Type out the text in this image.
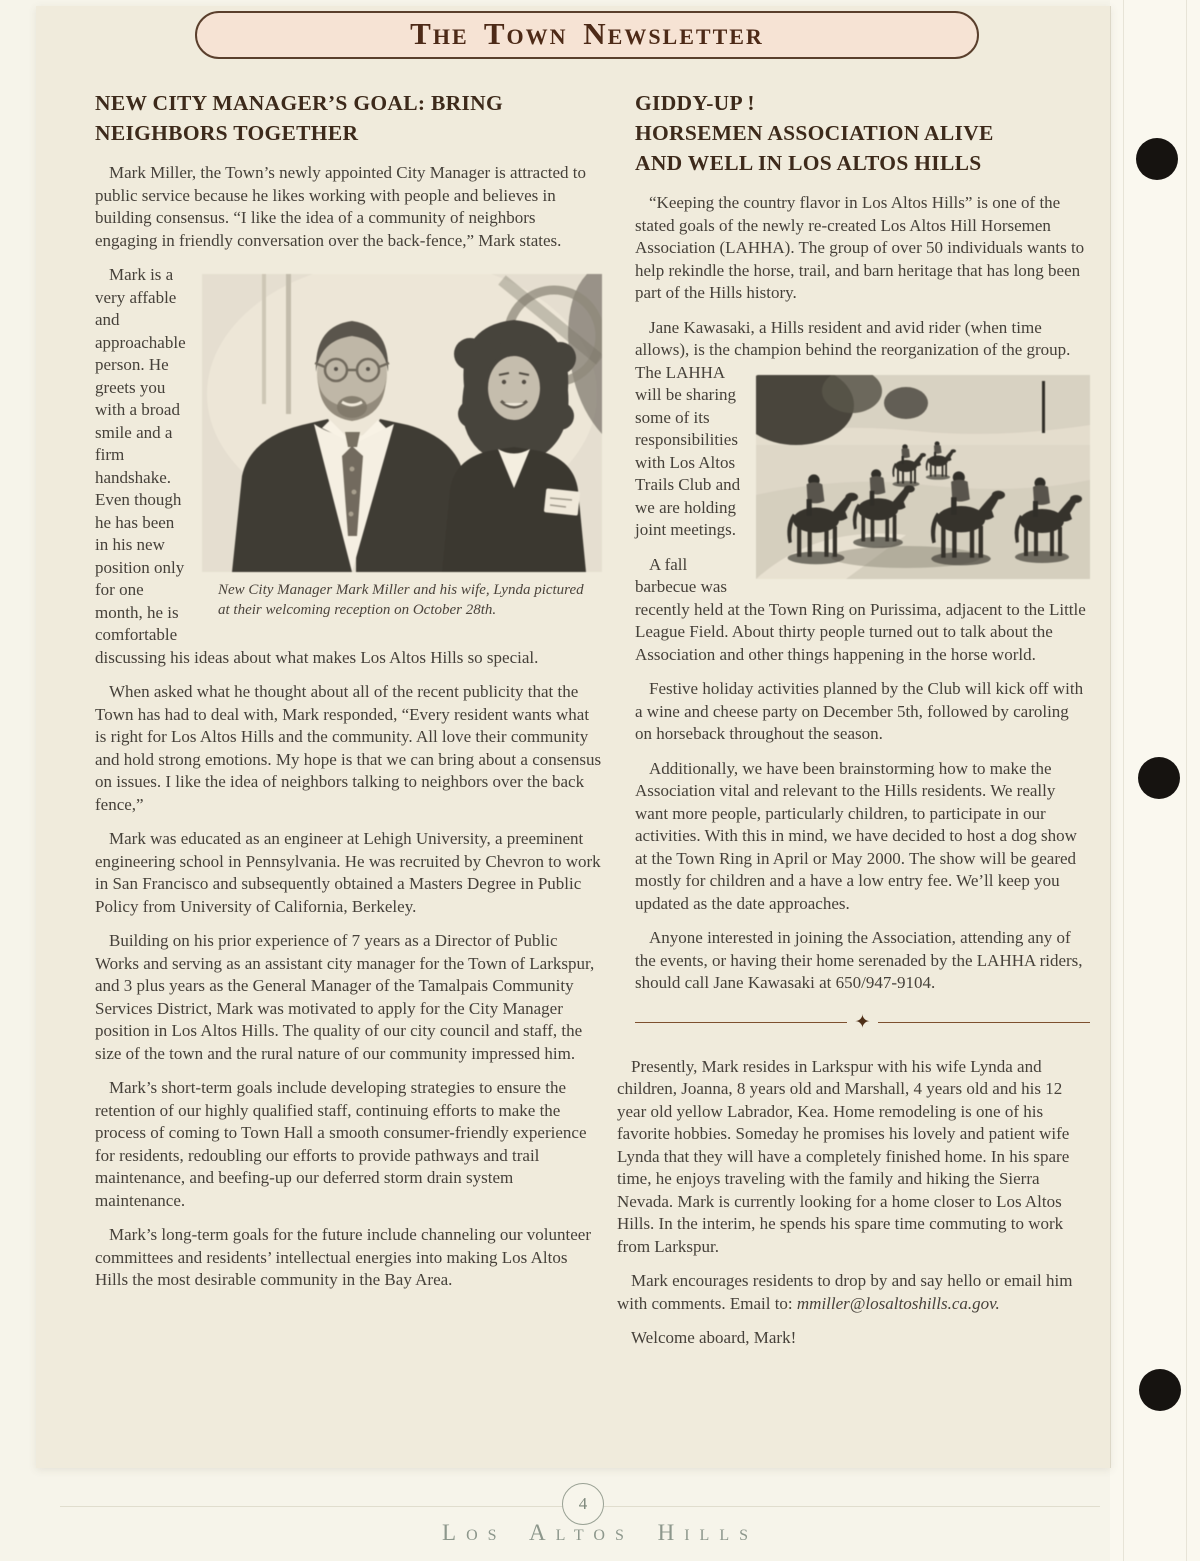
The Town Newsletter
NEW CITY MANAGER’S GOAL: BRING
NEIGHBORS TOGETHER
New City Manager Mark Miller and his wife, Lynda pictured at their welcoming reception on October 28th.

Mark Miller, the Town’s newly appointed City Manager is attracted to public service because he likes working with people and believes in building consensus. “I like the idea of a community of neighbors engaging in friendly conversation over the back-fence,” Mark states.

Mark is a very affable and approachable person. He greets you with a broad smile and a firm handshake. Even though he has been in his new position only for one month, he is comfortable discussing his ideas about what makes Los Altos Hills so special.

When asked what he thought about all of the recent publicity that the Town has had to deal with, Mark responded, “Every resident wants what is right for Los Altos Hills and the community. All love their community and hold strong emotions. My hope is that we can bring about a consensus on issues. I like the idea of neighbors talking to neighbors over the back fence,”

Mark was educated as an engineer at Lehigh University, a preeminent engineering school in Pennsylvania. He was recruited by Chevron to work in San Francisco and subsequently obtained a Masters Degree in Public Policy from University of California, Berkeley.

Building on his prior experience of 7 years as a Director of Public Works and serving as an assistant city manager for the Town of Larkspur, and 3 plus years as the General Manager of the Tamalpais Community Services District, Mark was motivated to apply for the City Manager position in Los Altos Hills. The quality of our city council and staff, the size of the town and the rural nature of our community impressed him.

Mark’s short-term goals include developing strategies to ensure the retention of our highly qualified staff, continuing efforts to make the process of coming to Town Hall a smooth consumer-friendly experience for residents, redoubling our efforts to provide pathways and trail maintenance, and beefing-up our deferred storm drain system maintenance.

Mark’s long-term goals for the future include channeling our volunteer committees and residents’ intellectual energies into making Los Altos Hills the most desirable community in the Bay Area.

GIDDY-UP !
HORSEMEN ASSOCIATION ALIVE
AND WELL IN LOS ALTOS HILLS

“Keeping the country flavor in Los Altos Hills” is one of the stated goals of the newly re-created Los Altos Hill Horsemen Association (LAHHA). The group of over 50 individuals wants to help rekindle the horse, trail, and barn heritage that has long been part of the Hills history.

Jane Kawasaki, a Hills resident and avid rider (when time allows), is the champion behind the reorganization of the group. The LAHHA will be sharing some of its responsibilities with Los Altos Trails Club and we are holding joint meetings.

A fall barbecue was recently held at the Town Ring on Purissima, adjacent to the Little League Field. About thirty people turned out to talk about the Association and other things happening in the horse world.

Festive holiday activities planned by the Club will kick off with a wine and cheese party on December 5th, followed by caroling on horseback throughout the season.

Additionally, we have been brainstorming how to make the Association vital and relevant to the Hills residents. We really want more people, particularly children, to participate in our activities. With this in mind, we have decided to host a dog show at the Town Ring in April or May 2000. The show will be geared mostly for children and a have a low entry fee. We’ll keep you updated as the date approaches.

Anyone interested in joining the Association, attending any of the events, or having their home serenaded by the LAHHA riders, should call Jane Kawasaki at 650/947-9104.

✦

Presently, Mark resides in Larkspur with his wife Lynda and children, Joanna, 8 years old and Marshall, 4 years old and his 12 year old yellow Labrador, Kea. Home remodeling is one of his favorite hobbies. Someday he promises his lovely and patient wife Lynda that they will have a completely finished home. In his spare time, he enjoys traveling with the family and hiking the Sierra Nevada. Mark is currently looking for a home closer to Los Altos Hills. In the interim, he spends his spare time commuting to work from Larkspur.

Mark encourages residents to drop by and say hello or email him with comments. Email to: mmiller@losaltoshills.ca.gov.

Welcome aboard, Mark!

4
Los Altos Hills
